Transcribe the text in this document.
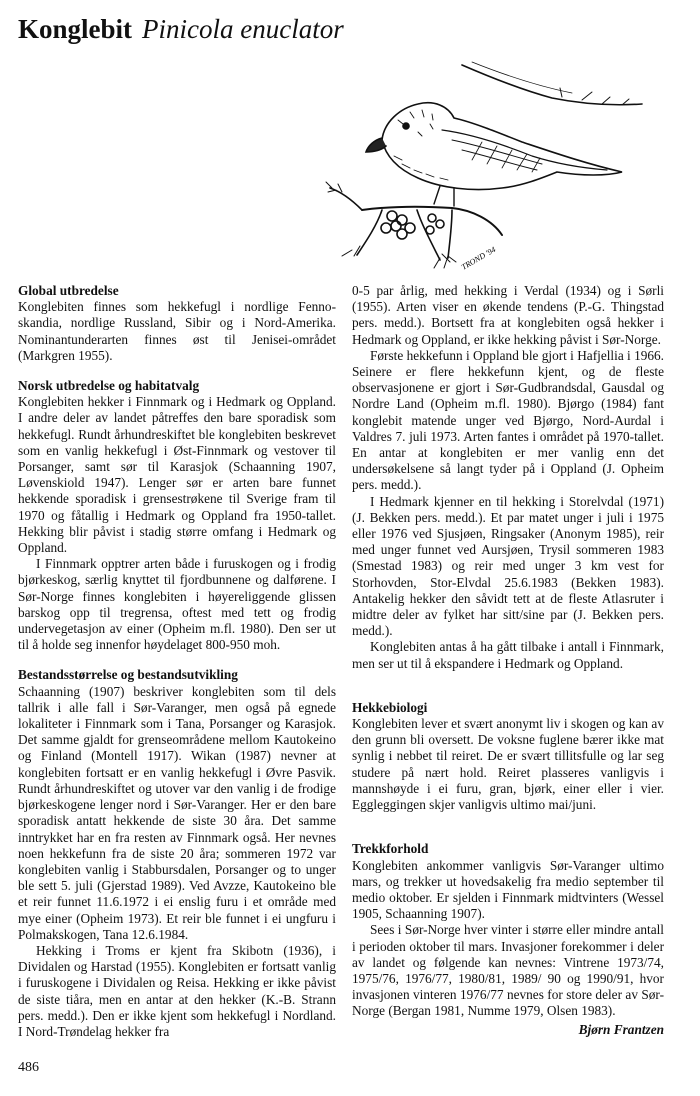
Konglebit Pinicola enuclator
TROND '94
Global utbredelse

Konglebiten finnes som hekkefugl i nordlige Fennoskandia, nordlige Russland, Sibir og i Nord-Amerika. Nominantunderarten finnes øst til Jenisei-området (Markgren 1955).

Norsk utbredelse og habitatvalg

Konglebiten hekker i Finnmark og i Hedmark og Oppland. I andre deler av landet påtreffes den bare sporadisk som hekkefugl. Rundt århundreskiftet ble konglebiten beskrevet som en vanlig hekkefugl i Øst-Finnmark og vestover til Porsanger, samt sør til Karasjok (Schaanning 1907, Løvenskiold 1947). Lenger sør er arten bare funnet hekkende sporadisk i grensestrøkene til Sverige fram til 1970 og fåtallig i Hedmark og Oppland fra 1950-tallet. Hekking blir påvist i stadig større omfang i Hedmark og Oppland.

I Finnmark opptrer arten både i furuskogen og i frodig bjørkeskog, særlig knyttet til fjordbunnene og dalførene. I Sør-Norge finnes konglebiten i høyereliggende glissen barskog opp til tregrensa, oftest med tett og frodig undervegetasjon av einer (Opheim m.fl. 1980). Den ser ut til å holde seg innenfor høydelaget 800-950 moh.

Bestandsstørrelse og bestandsutvikling

Schaanning (1907) beskriver konglebiten som til dels tallrik i alle fall i Sør-Varanger, men også på egnede lokaliteter i Finnmark som i Tana, Porsanger og Karasjok. Det samme gjaldt for grenseområdene mellom Kautokeino og Finland (Montell 1917). Wikan (1987) nevner at konglebiten fortsatt er en vanlig hekkefugl i Øvre Pasvik. Rundt århundreskiftet og utover var den vanlig i de frodige bjørkeskogene lenger nord i Sør-Varanger. Her er den bare sporadisk antatt hekkende de siste 30 åra. Det samme inntrykket har en fra resten av Finnmark også. Her nevnes noen hekkefunn fra de siste 20 åra; sommeren 1972 var konglebiten vanlig i Stabbursdalen, Porsanger og to unger ble sett 5. juli (Gjerstad 1989). Ved Avzze, Kautokeino ble et reir funnet 11.6.1972 i ei enslig furu i et område med mye einer (Opheim 1973). Et reir ble funnet i ei ungfuru i Polmakskogen, Tana 12.6.1984.

Hekking i Troms er kjent fra Skibotn (1936), i Dividalen og Harstad (1955). Konglebiten er fortsatt vanlig i furuskogene i Dividalen og Reisa. Hekking er ikke påvist de siste tiåra, men en antar at den hekker (K.-B. Strann pers. medd.). Den er ikke kjent som hekkefugl i Nordland. I Nord-Trøndelag hekker fra

0-5 par årlig, med hekking i Verdal (1934) og i Sørli (1955). Arten viser en økende tendens (P.-G. Thingstad pers. medd.). Bortsett fra at konglebiten også hekker i Hedmark og Oppland, er ikke hekking påvist i Sør-Norge.

Første hekkefunn i Oppland ble gjort i Hafjellia i 1966. Seinere er flere hekkefunn kjent, og de fleste observasjonene er gjort i Sør-Gudbrandsdal, Gausdal og Nordre Land (Opheim m.fl. 1980). Bjørgo (1984) fant konglebit matende unger ved Bjørgo, Nord-Aurdal i Valdres 7. juli 1973. Arten fantes i området på 1970-tallet. En antar at konglebiten er mer vanlig enn det undersøkelsene så langt tyder på i Oppland (J. Opheim pers. medd.).

I Hedmark kjenner en til hekking i Storelvdal (1971) (J. Bekken pers. medd.). Et par matet unger i juli i 1975 eller 1976 ved Sjusjøen, Ringsaker (Anonym 1985), reir med unger funnet ved Aursjøen, Trysil sommeren 1983 (Smestad 1983) og reir med unger 3 km vest for Storhovden, Stor-Elvdal 25.6.1983 (Bekken 1983). Antakelig hekker den såvidt tett at de fleste Atlasruter i midtre deler av fylket har sitt/sine par (J. Bekken pers. medd.).

Konglebiten antas å ha gått tilbake i antall i Finnmark, men ser ut til å ekspandere i Hedmark og Oppland.

Hekkebiologi

Konglebiten lever et svært anonymt liv i skogen og kan av den grunn bli oversett. De voksne fuglene bærer ikke mat synlig i nebbet til reiret. De er svært tillitsfulle og lar seg studere på nært hold. Reiret plasseres vanligvis i mannshøyde i ei furu, gran, bjørk, einer eller i vier. Eggleggingen skjer vanligvis ultimo mai/juni.

Trekkforhold

Konglebiten ankommer vanligvis Sør-Varanger ultimo mars, og trekker ut hovedsakelig fra medio september til medio oktober. Er sjelden i Finnmark midtvinters (Wessel 1905, Schaanning 1907).

Sees i Sør-Norge hver vinter i større eller mindre antall i perioden oktober til mars. Invasjoner forekommer i deler av landet og følgende kan nevnes: Vintrene 1973/74, 1975/76, 1976/77, 1980/81, 1989/ 90 og 1990/91, hvor invasjonen vinteren 1976/77 nevnes for store deler av Sør-Norge (Bergan 1981, Numme 1979, Olsen 1983).

Bjørn Frantzen

486
